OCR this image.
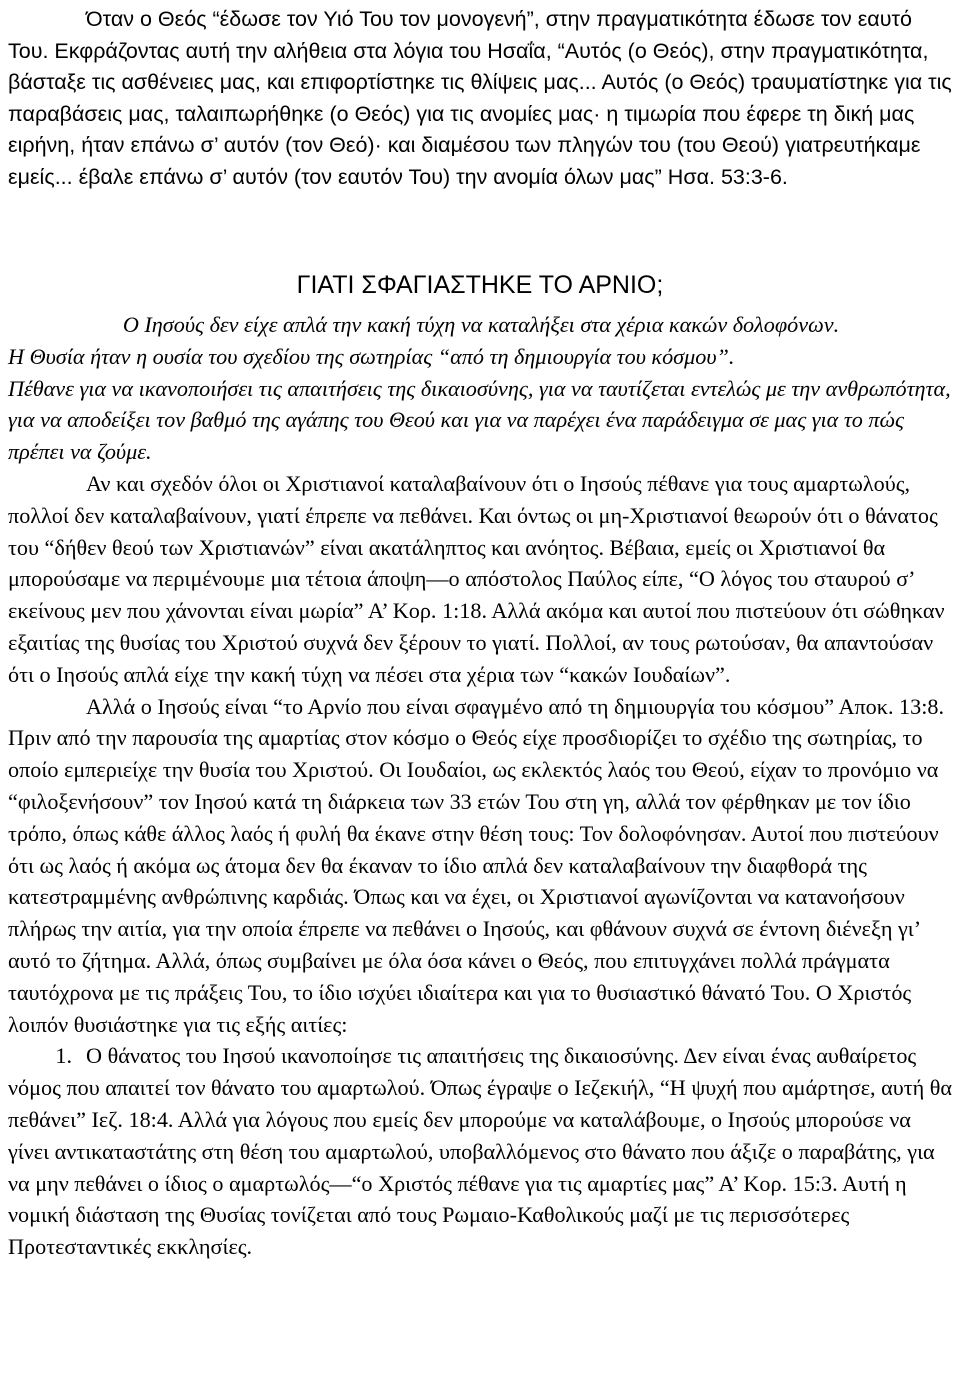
Όταν ο Θεός “έδωσε τον Υιό Του τον μονογενή”, στην πραγματικότητα έδωσε τον εαυτό Του. Εκφράζοντας αυτή την αλήθεια στα λόγια του Ησαΐα, “Αυτός (ο Θεός), στην πραγματικότητα, βάσταξε τις ασθένειες μας, και επιφορτίστηκε τις θλίψεις μας... Αυτός (ο Θεός) τραυματίστηκε για τις παραβάσεις μας, ταλαιπωρήθηκε (ο Θεός) για τις ανομίες μας· η τιμωρία που έφερε τη δική μας ειρήνη, ήταν επάνω σ’ αυτόν (τον Θεό)· και διαμέσου των πληγών του (του Θεού) γιατρευτήκαμε εμείς... έβαλε επάνω σ’ αυτόν (τον εαυτόν Του) την ανομία όλων μας” Ησα. 53:3-6.

ΓΙΑΤΙ ΣΦΑΓΙΑΣΤΗΚΕ ΤΟ ΑΡΝΙΟ;

Ο Ιησούς δεν είχε απλά την κακή τύχη να καταλήξει στα χέρια κακών δολοφόνων.

Η Θυσία ήταν η ουσία του σχεδίου της σωτηρίας “από τη δημιουργία του κόσμου”.

Πέθανε για να ικανοποιήσει τις απαιτήσεις της δικαιοσύνης, για να ταυτίζεται εντελώς με την ανθρωπότητα, για να αποδείξει τον βαθμό της αγάπης του Θεού και για να παρέχει ένα παράδειγμα σε μας για το πώς πρέπει να ζούμε.

Αν και σχεδόν όλοι οι Χριστιανοί καταλαβαίνουν ότι ο Ιησούς πέθανε για τους αμαρτωλούς, πολλοί δεν καταλαβαίνουν, γιατί έπρεπε να πεθάνει. Και όντως οι μη-Χριστιανοί θεωρούν ότι ο θάνατος του “δήθεν θεού των Χριστιανών” είναι ακατάληπτος και ανόητος. Βέβαια, εμείς οι Χριστιανοί θα μπορούσαμε να περιμένουμε μια τέτοια άποψη—ο απόστολος Παύλος είπε, “Ο λόγος του σταυρού σ’ εκείνους μεν που χάνονται είναι μωρία” Α’ Κορ. 1:18. Αλλά ακόμα και αυτοί που πιστεύουν ότι σώθηκαν εξαιτίας της θυσίας του Χριστού συχνά δεν ξέρουν το γιατί. Πολλοί, αν τους ρωτούσαν, θα απαντούσαν ότι ο Ιησούς απλά είχε την κακή τύχη να πέσει στα χέρια των “κακών Ιουδαίων”.

Αλλά ο Ιησούς είναι “το Αρνίο που είναι σφαγμένο από τη δημιουργία του κόσμου” Αποκ. 13:8. Πριν από την παρουσία της αμαρτίας στον κόσμο ο Θεός είχε προσδιορίζει το σχέδιο της σωτηρίας, το οποίο εμπεριείχε την θυσία του Χριστού. Οι Ιουδαίοι, ως εκλεκτός λαός του Θεού, είχαν το προνόμιο να “φιλοξενήσουν” τον Ιησού κατά τη διάρκεια των 33 ετών Του στη γη, αλλά τον φέρθηκαν με τον ίδιο τρόπο, όπως κάθε άλλος λαός ή φυλή θα έκανε στην θέση τους: Τον δολοφόνησαν. Αυτοί που πιστεύουν ότι ως λαός ή ακόμα ως άτομα δεν θα έκαναν το ίδιο απλά δεν καταλαβαίνουν την διαφθορά της κατεστραμμένης ανθρώπινης καρδιάς. Όπως και να έχει, οι Χριστιανοί αγωνίζονται να κατανοήσουν πλήρως την αιτία, για την οποία έπρεπε να πεθάνει ο Ιησούς, και φθάνουν συχνά σε έντονη διένεξη γι’ αυτό το ζήτημα. Αλλά, όπως συμβαίνει με όλα όσα κάνει ο Θεός, που επιτυγχάνει πολλά πράγματα ταυτόχρονα με τις πράξεις Του, το ίδιο ισχύει ιδιαίτερα και για το θυσιαστικό θάνατό Του. Ο Χριστός λοιπόν θυσιάστηκε για τις εξής αιτίες:

1. Ο θάνατος του Ιησού ικανοποίησε τις απαιτήσεις της δικαιοσύνης. Δεν είναι ένας αυθαίρετος νόμος που απαιτεί τον θάνατο του αμαρτωλού. Όπως έγραψε ο Ιεζεκιήλ, “Η ψυχή που αμάρτησε, αυτή θα πεθάνει” Ιεζ. 18:4. Αλλά για λόγους που εμείς δεν μπορούμε να καταλάβουμε, ο Ιησούς μπορούσε να γίνει αντικαταστάτης στη θέση του αμαρτωλού, υποβαλλόμενος στο θάνατο που άξιζε ο παραβάτης, για να μην πεθάνει ο ίδιος ο αμαρτωλός—“ο Χριστός πέθανε για τις αμαρτίες μας” Α’ Κορ. 15:3. Αυτή η νομική διάσταση της Θυσίας τονίζεται από τους Ρωμαιο-Καθολικούς μαζί με τις περισσότερες Προτεσταντικές εκκλησίες.
